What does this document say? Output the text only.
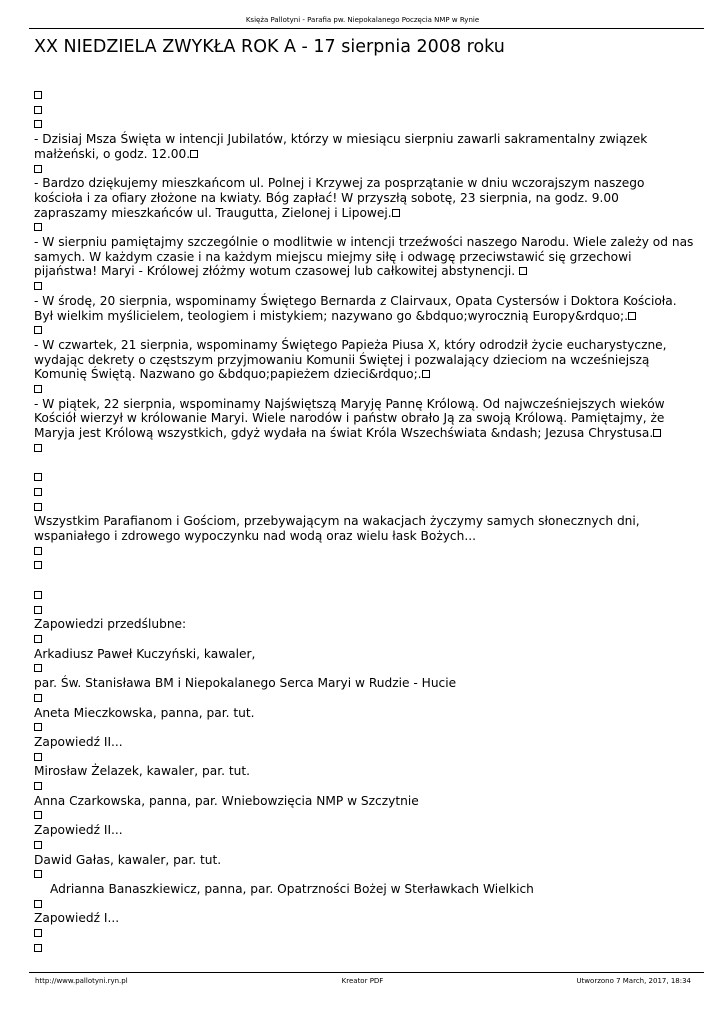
Księża Pallotyni - Parafia pw. Niepokalanego Poczęcia NMP w Rynie
XX NIEDZIELA ZWYKŁA ROK A - 17 sierpnia 2008 roku

- Dzisiaj Msza Święta w intencji Jubilatów, którzy w miesiącu sierpniu zawarli sakramentalny związek małżeński, o godz. 12.00.

- Bardzo dziękujemy mieszkańcom ul. Polnej i Krzywej za posprzątanie w dniu wczorajszym naszego kościoła i za ofiary złożone na kwiaty. Bóg zapłać! W przyszłą sobotę, 23 sierpnia, na godz. 9.00 zapraszamy mieszkańców ul. Traugutta, Zielonej i Lipowej.

- W sierpniu pamiętajmy szczególnie o modlitwie w intencji trzeźwości naszego Narodu. Wiele zależy od nas samych. W każdym czasie i na każdym miejscu miejmy siłę i odwagę przeciwstawić się grzechowi pijaństwa! Maryi - Królowej złóżmy wotum czasowej lub całkowitej abstynencji.

- W środę, 20 sierpnia, wspominamy Świętego Bernarda z Clairvaux, Opata Cystersów i Doktora Kościoła. Był wielkim myślicielem, teologiem i mistykiem; nazywano go &bdquo;wyrocznią Europy&rdquo;.

- W czwartek, 21 sierpnia, wspominamy Świętego Papieża Piusa X, który odrodził życie eucharystyczne, wydając dekrety o częstszym przyjmowaniu Komunii Świętej i pozwalający dzieciom na wcześniejszą Komunię Świętą. Nazwano go &bdquo;papieżem dzieci&rdquo;.

- W piątek, 22 sierpnia, wspominamy Najświętszą Maryję Pannę Królową. Od najwcześniejszych wieków Kościół wierzył w królowanie Maryi. Wiele narodów i państw obrało Ją za swoją Królową. Pamiętajmy, że Maryja jest Królową wszystkich, gdyż wydała na świat Króla Wszechświata &ndash; Jezusa Chrystusa.

Wszystkim Parafianom i Gościom, przebywającym na wakacjach życzymy samych słonecznych dni, wspaniałego i zdrowego wypoczynku nad wodą oraz wielu łask Bożych...

Zapowiedzi przedślubne:

Arkadiusz Paweł Kuczyński, kawaler,

par. Św. Stanisława BM i Niepokalanego Serca Maryi w Rudzie - Hucie

Aneta Mieczkowska, panna, par. tut.

Zapowiedź II...

Mirosław Żelazek, kawaler, par. tut.

Anna Czarkowska, panna, par. Wniebowzięcia NMP w Szczytnie

Zapowiedź II...

Dawid Gałas, kawaler, par. tut.

Adrianna Banaszkiewicz, panna, par. Opatrzności Bożej w Sterławkach Wielkich

Zapowiedź I...

http://www.pallotyni.ryn.pl	Kreator PDF	Utworzono 7 March, 2017, 18:34
